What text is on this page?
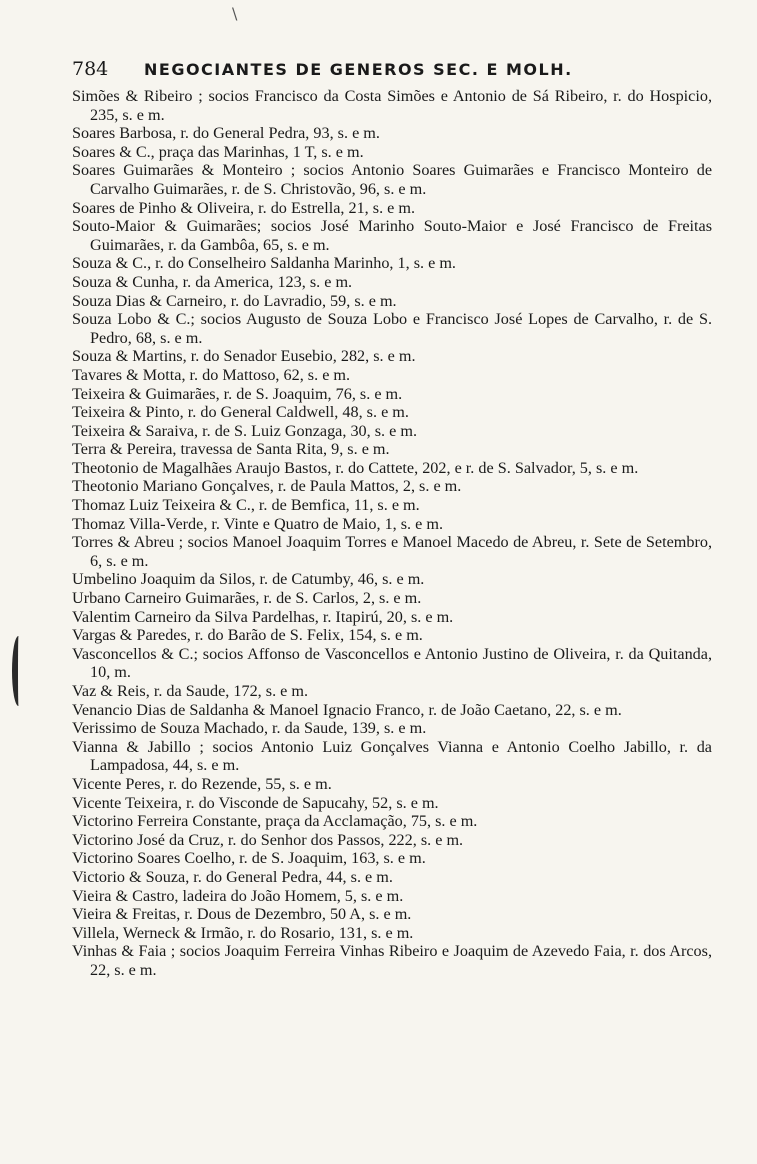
\
784	NEGOCIANTES DE GENEROS SEC. E MOLH.
Simões & Ribeiro ; socios Francisco da Costa Simões e Antonio de Sá Ribeiro, r. do Hospicio, 235, s. e m.
Soares Barbosa, r. do General Pedra, 93, s. e m.
Soares & C., praça das Marinhas, 1 T, s. e m.
Soares Guimarães & Monteiro ; socios Antonio Soares Guimarães e Francisco Monteiro de Carvalho Guimarães, r. de S. Christovão, 96, s. e m.
Soares de Pinho & Oliveira, r. do Estrella, 21, s. e m.
Souto-Maior & Guimarães; socios José Marinho Souto-Maior e José Francisco de Freitas Guimarães, r. da Gambôa, 65, s. e m.
Souza & C., r. do Conselheiro Saldanha Marinho, 1, s. e m.
Souza & Cunha, r. da America, 123, s. e m.
Souza Dias & Carneiro, r. do Lavradio, 59, s. e m.
Souza Lobo & C.; socios Augusto de Souza Lobo e Francisco José Lopes de Carvalho, r. de S. Pedro, 68, s. e m.
Souza & Martins, r. do Senador Eusebio, 282, s. e m.
Tavares & Motta, r. do Mattoso, 62, s. e m.
Teixeira & Guimarães, r. de S. Joaquim, 76, s. e m.
Teixeira & Pinto, r. do General Caldwell, 48, s. e m.
Teixeira & Saraiva, r. de S. Luiz Gonzaga, 30, s. e m.
Terra & Pereira, travessa de Santa Rita, 9, s. e m.
Theotonio de Magalhães Araujo Bastos, r. do Cattete, 202, e r. de S. Salvador, 5, s. e m.
Theotonio Mariano Gonçalves, r. de Paula Mattos, 2, s. e m.
Thomaz Luiz Teixeira & C., r. de Bemfica, 11, s. e m.
Thomaz Villa-Verde, r. Vinte e Quatro de Maio, 1, s. e m.
Torres & Abreu ; socios Manoel Joaquim Torres e Manoel Macedo de Abreu, r. Sete de Setembro, 6, s. e m.
Umbelino Joaquim da Silos, r. de Catumby, 46, s. e m.
Urbano Carneiro Guimarães, r. de S. Carlos, 2, s. e m.
Valentim Carneiro da Silva Pardelhas, r. Itapirú, 20, s. e m.
Vargas & Paredes, r. do Barão de S. Felix, 154, s. e m.
Vasconcellos & C.; socios Affonso de Vasconcellos e Antonio Justino de Oliveira, r. da Quitanda, 10, m.
Vaz & Reis, r. da Saude, 172, s. e m.
Venancio Dias de Saldanha & Manoel Ignacio Franco, r. de João Caetano, 22, s. e m.
Verissimo de Souza Machado, r. da Saude, 139, s. e m.
Vianna & Jabillo ; socios Antonio Luiz Gonçalves Vianna e Antonio Coelho Jabillo, r. da Lampadosa, 44, s. e m.
Vicente Peres, r. do Rezende, 55, s. e m.
Vicente Teixeira, r. do Visconde de Sapucahy, 52, s. e m.
Victorino Ferreira Constante, praça da Acclamação, 75, s. e m.
Victorino José da Cruz, r. do Senhor dos Passos, 222, s. e m.
Victorino Soares Coelho, r. de S. Joaquim, 163, s. e m.
Victorio & Souza, r. do General Pedra, 44, s. e m.
Vieira & Castro, ladeira do João Homem, 5, s. e m.
Vieira & Freitas, r. Dous de Dezembro, 50 A, s. e m.
Villela, Werneck & Irmão, r. do Rosario, 131, s. e m.
Vinhas & Faia ; socios Joaquim Ferreira Vinhas Ribeiro e Joaquim de Azevedo Faia, r. dos Arcos, 22, s. e m.
